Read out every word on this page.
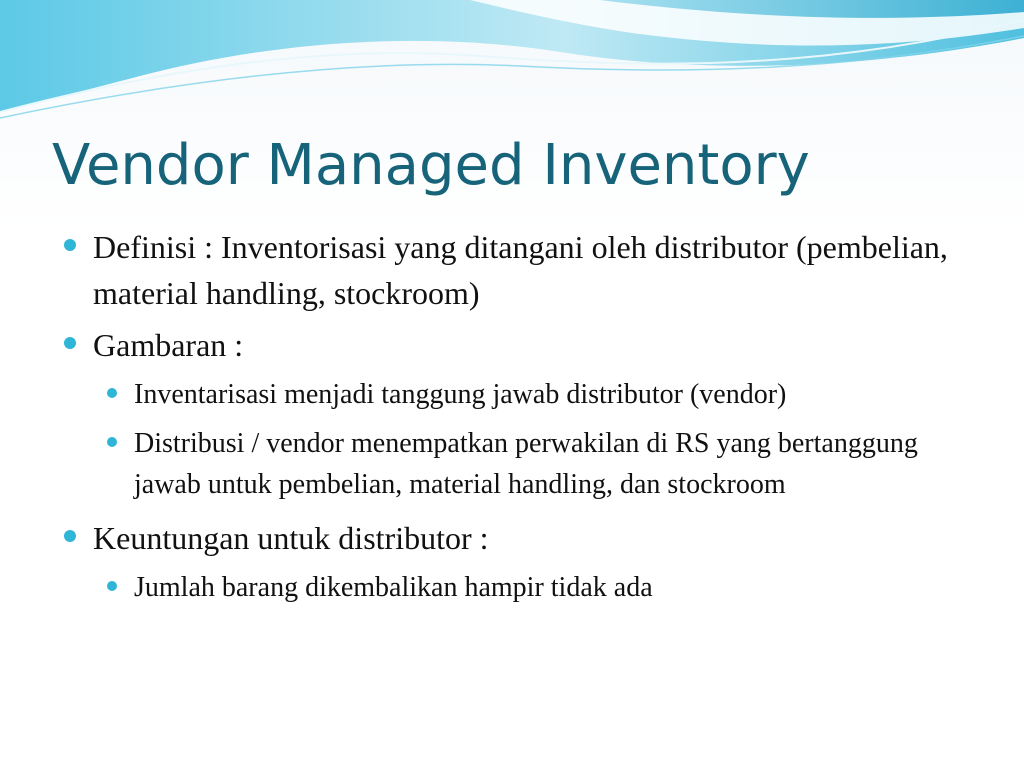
Vendor Managed Inventory
Definisi : Inventorisasi yang ditangani oleh distributor (pembelian, material handling, stockroom)
Gambaran :
Inventarisasi menjadi tanggung jawab distributor (vendor)
Distribusi / vendor menempatkan perwakilan di RS yang bertanggung jawab untuk pembelian, material handling, dan stockroom
Keuntungan untuk distributor :
Jumlah barang dikembalikan hampir tidak ada
